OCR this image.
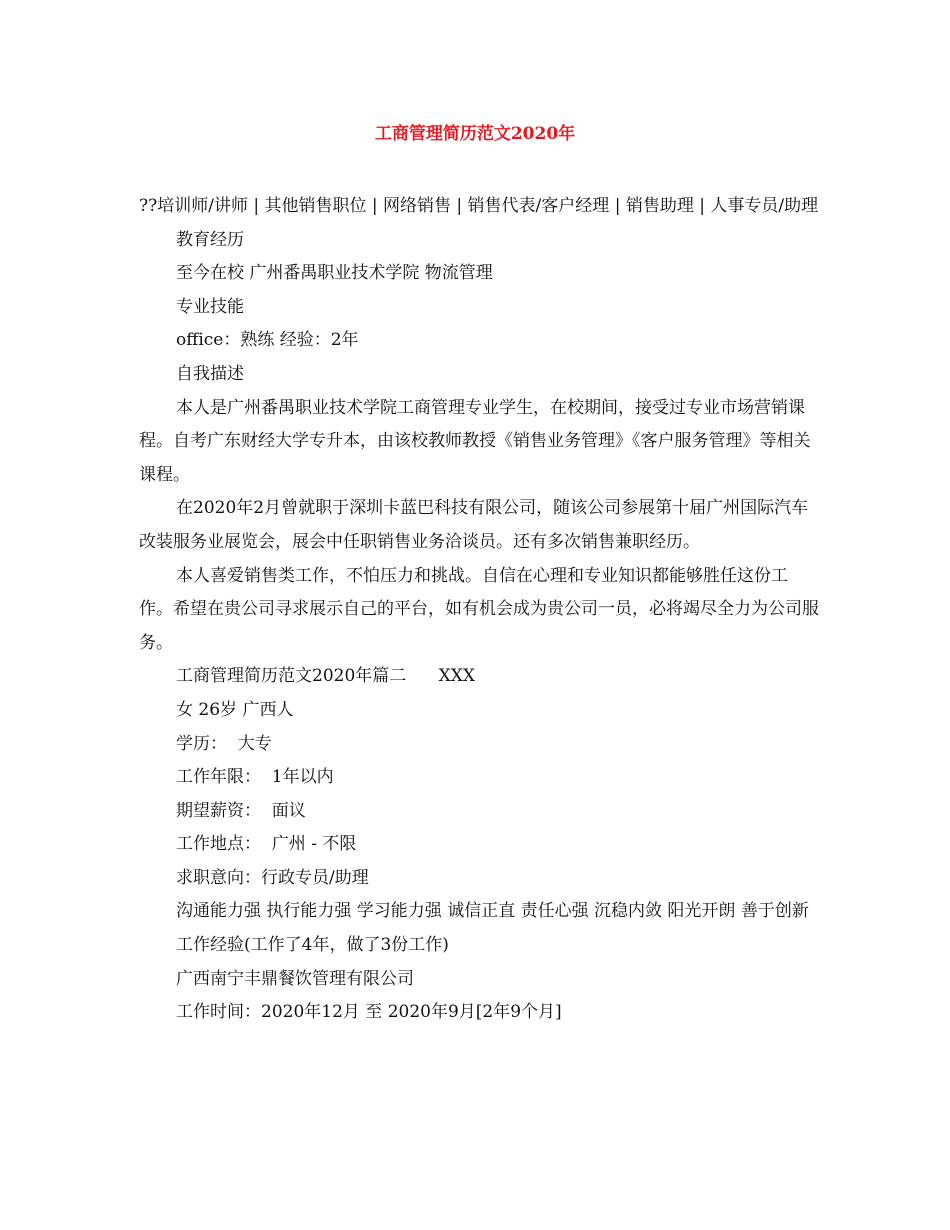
工商管理简历范文2020年

??培训师/讲师 | 其他销售职位 | 网络销售 | 销售代表/客户经理 | 销售助理 | 人事专员/助理

教育经历

至今在校 广州番禺职业技术学院 物流管理

专业技能

office：熟练 经验：2年

自我描述

本人是广州番禺职业技术学院工商管理专业学生，在校期间，接受过专业市场营销课程。自考广东财经大学专升本，由该校教师教授《销售业务管理》《客户服务管理》等相关课程。

在2020年2月曾就职于深圳卡蓝巴科技有限公司，随该公司参展第十届广州国际汽车改装服务业展览会，展会中任职销售业务洽谈员。还有多次销售兼职经历。

本人喜爱销售类工作，不怕压力和挑战。自信在心理和专业知识都能够胜任这份工作。希望在贵公司寻求展示自己的平台，如有机会成为贵公司一员，必将竭尽全力为公司服务。

工商管理简历范文2020年篇二      XXX

女 26岁 广西人

学历：  大专

工作年限：  1年以内

期望薪资：  面议

工作地点：  广州 - 不限

求职意向：行政专员/助理

沟通能力强 执行能力强 学习能力强 诚信正直 责任心强 沉稳内敛 阳光开朗 善于创新

工作经验(工作了4年，做了3份工作)

广西南宁丰鼎餐饮管理有限公司

工作时间：2020年12月 至 2020年9月[2年9个月]
